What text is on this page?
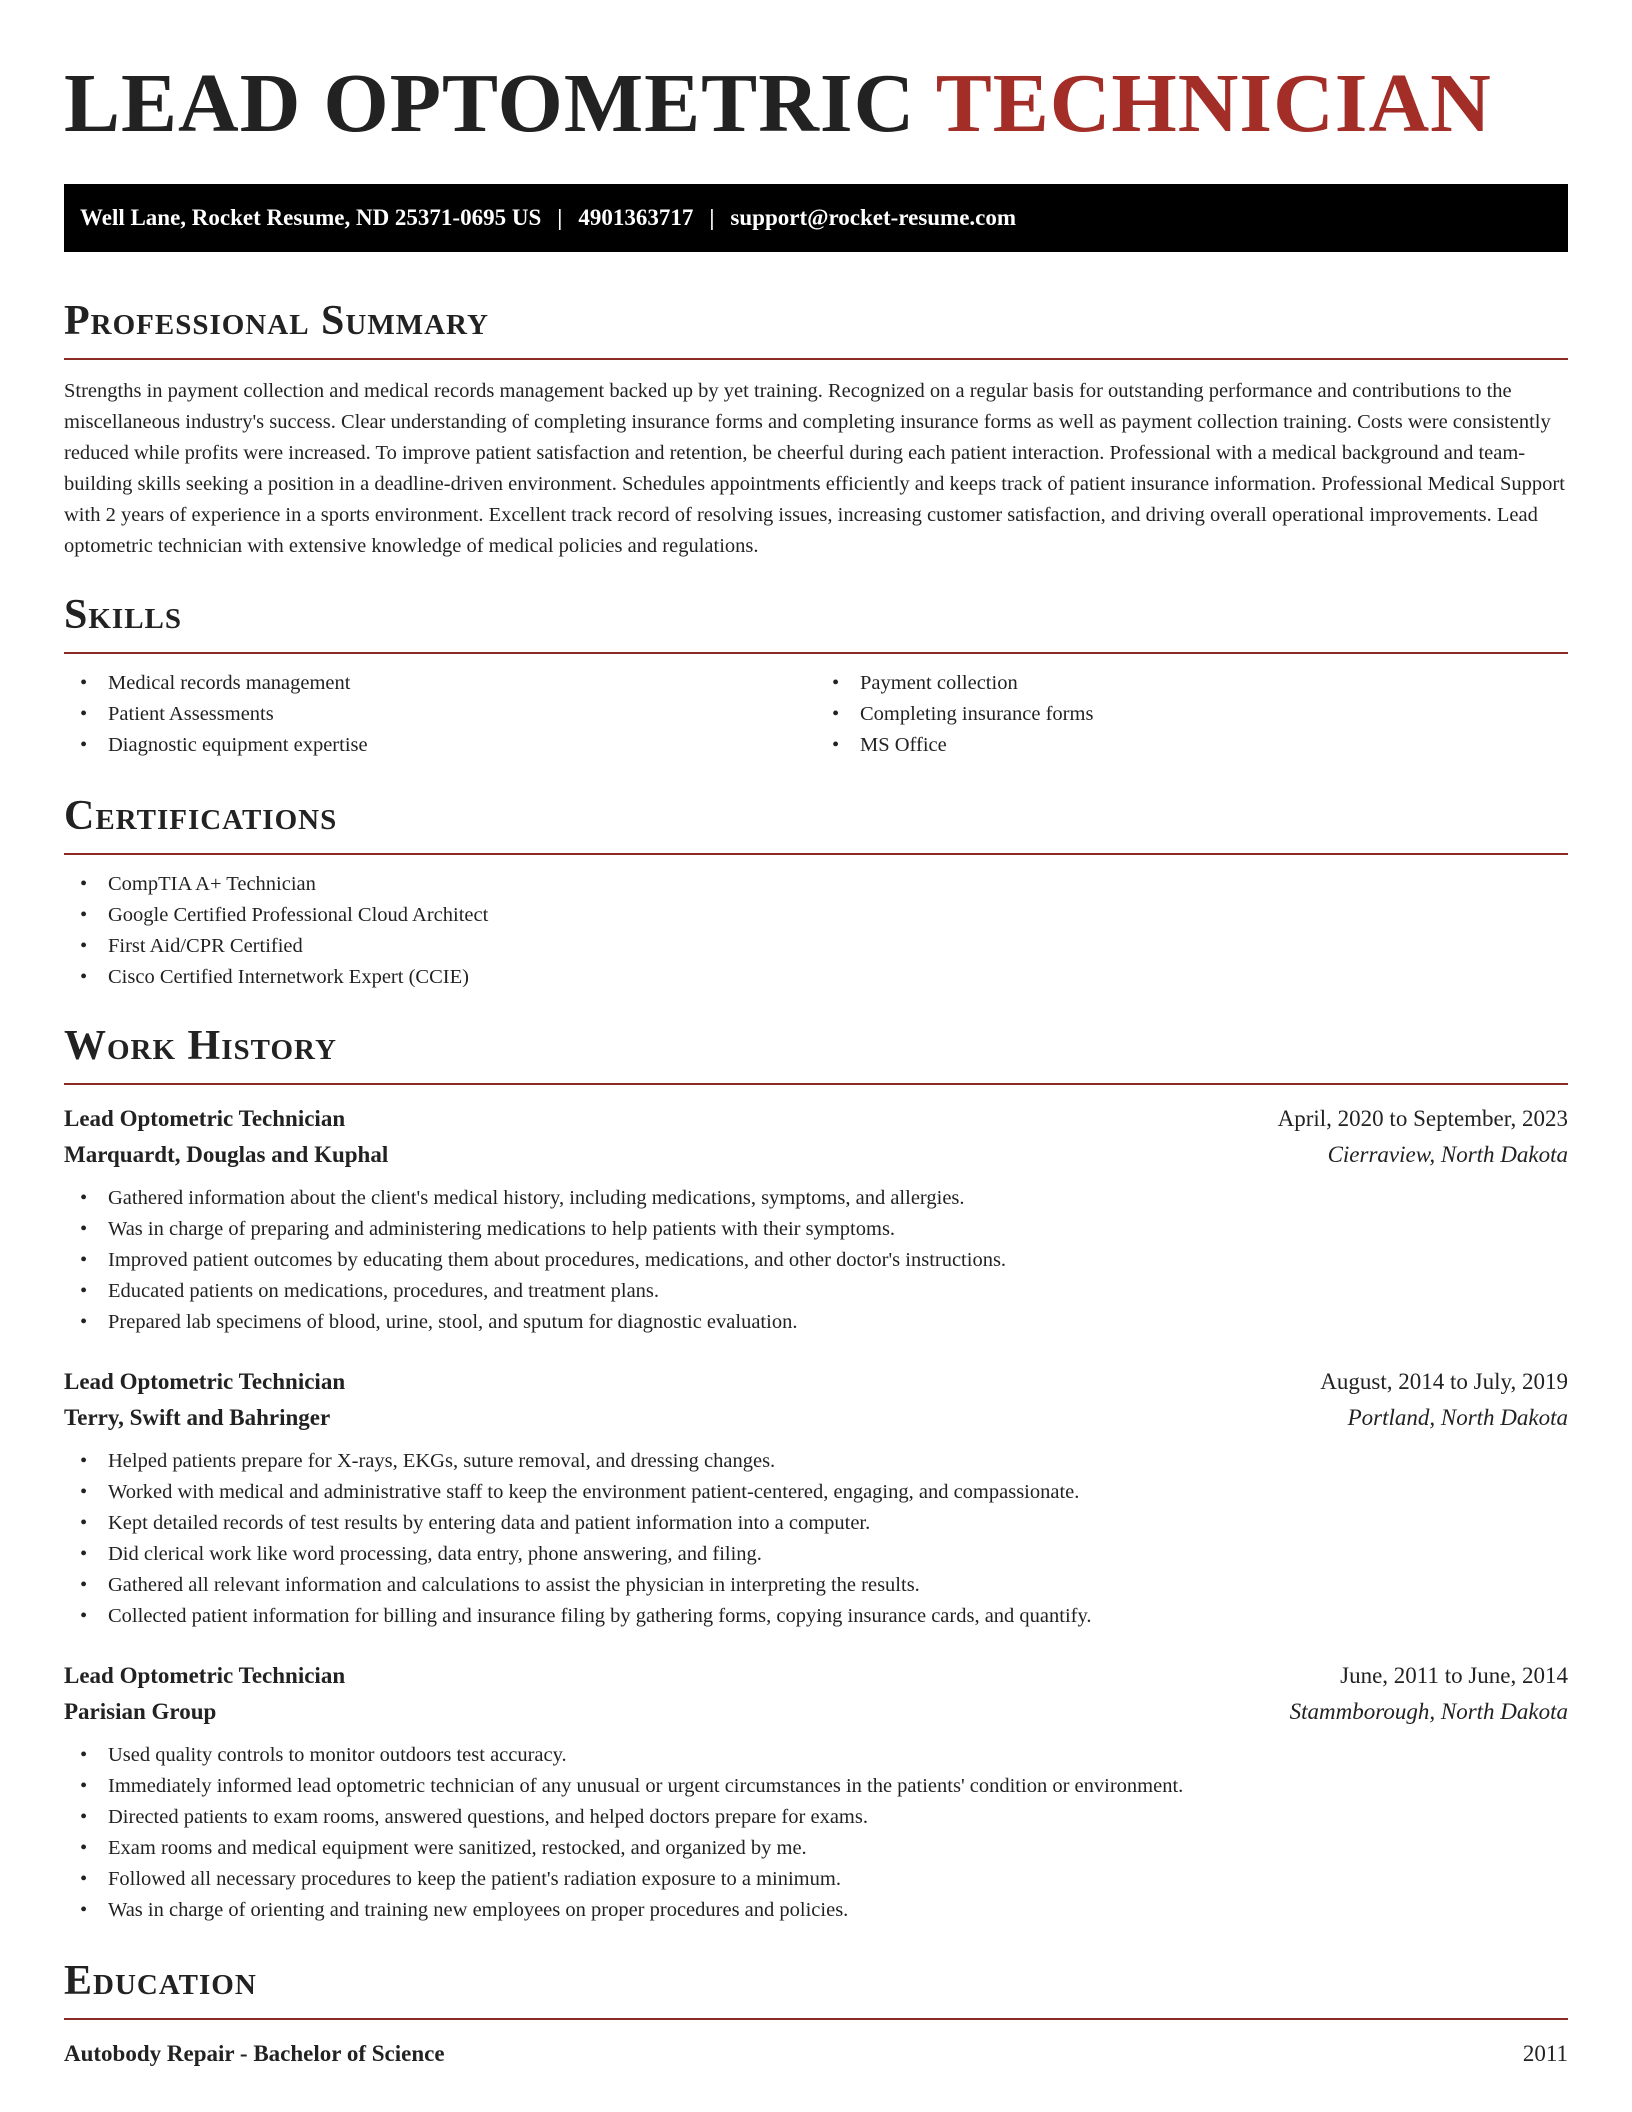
LEAD OPTOMETRIC TECHNICIAN
Well Lane, Rocket Resume, ND 25371-0695 US | 4901363717 | support@rocket-resume.com
Professional Summary

Strengths in payment collection and medical records management backed up by yet training. Recognized on a regular basis for outstanding performance and contributions to the miscellaneous industry's success. Clear understanding of completing insurance forms and completing insurance forms as well as payment collection training. Costs were consistently reduced while profits were increased. To improve patient satisfaction and retention, be cheerful during each patient interaction. Professional with a medical background and team-building skills seeking a position in a deadline-driven environment. Schedules appointments efficiently and keeps track of patient insurance information. Professional Medical Support with 2 years of experience in a sports environment. Excellent track record of resolving issues, increasing customer satisfaction, and driving overall operational improvements. Lead optometric technician with extensive knowledge of medical policies and regulations.

Skills
• Medical records management
• Patient Assessments
• Diagnostic equipment expertise
• Payment collection
• Completing insurance forms
• MS Office
Certifications
• CompTIA A+ Technician
• Google Certified Professional Cloud Architect
• First Aid/CPR Certified
• Cisco Certified Internetwork Expert (CCIE)
Work History
Lead Optometric Technician	April, 2020 to September, 2023
Marquardt, Douglas and Kuphal	Cierraview, North Dakota
• Gathered information about the client's medical history, including medications, symptoms, and allergies.
• Was in charge of preparing and administering medications to help patients with their symptoms.
• Improved patient outcomes by educating them about procedures, medications, and other doctor's instructions.
• Educated patients on medications, procedures, and treatment plans.
• Prepared lab specimens of blood, urine, stool, and sputum for diagnostic evaluation.
Lead Optometric Technician	August, 2014 to July, 2019
Terry, Swift and Bahringer	Portland, North Dakota
• Helped patients prepare for X-rays, EKGs, suture removal, and dressing changes.
• Worked with medical and administrative staff to keep the environment patient-centered, engaging, and compassionate.
• Kept detailed records of test results by entering data and patient information into a computer.
• Did clerical work like word processing, data entry, phone answering, and filing.
• Gathered all relevant information and calculations to assist the physician in interpreting the results.
• Collected patient information for billing and insurance filing by gathering forms, copying insurance cards, and quantify.
Lead Optometric Technician	June, 2011 to June, 2014
Parisian Group	Stammborough, North Dakota
• Used quality controls to monitor outdoors test accuracy.
• Immediately informed lead optometric technician of any unusual or urgent circumstances in the patients' condition or environment.
• Directed patients to exam rooms, answered questions, and helped doctors prepare for exams.
• Exam rooms and medical equipment were sanitized, restocked, and organized by me.
• Followed all necessary procedures to keep the patient's radiation exposure to a minimum.
• Was in charge of orienting and training new employees on proper procedures and policies.
Education
Autobody Repair - Bachelor of Science	2011
